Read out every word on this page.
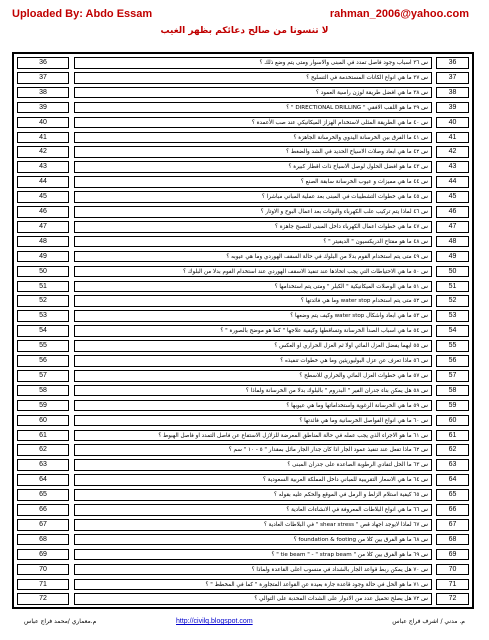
Uploaded By: Abdo Essam	rahman_2006@yahoo.com
لا تنسونا من صالح دعائكم بظهر الغيب
36	س ٣٦ اسباب وجود فاصل تمدد في المبنى والاسوار ومتى يتم وضع ذلك ؟	36
37	س ٣٧ ما هي انواع الكانات المستخدمة في التسليح ؟	37
38	س ٣٨ ما هي افضل طريقة لوزن راسية العمود ؟	38
39	س ٣٩ ما هو اللقب الافقي " DIRECTIONAL DRILLING " ؟	39
40	س ٤٠ ما هي الطريقة المثلى لاستخدام الهزاز الميكانيكي عند صب الأعمدة ؟	40
41	س ٤١ ما الفرق بين الخرسانة اليدوي والخرسانة الجاهزة ؟	41
42	س ٤٢ ما هي ابعاد وصلات الاسياخ الحديد في الشد والضغط ؟	42
43	س ٤٣ ما هو افضل الحلول لوصل الاسياخ ذات اقطار كبيرة ؟	43
44	س ٤٤ ما هي مميزات و عيوب الخرسانة سابقة الصنع ؟	44
45	س ٤٥ ما هي خطوات التشطيبات في المبنى بعد عملية المباني مباشرا ؟	45
46	س ٤٦ لماذا يتم تركيب علب الكهرباء والبوتات بعد اعمال البوح و الاوتار ؟	46
47	س ٤٧ ما هي خطوات اعمال الكهرباء داخل المبنى للتصبح جاهزة ؟	47
48	س ٤٨ ما هو مفتاح الدريكسيون " الديفيتر " ؟	48
49	س ٤٩ متى يتم استخدام القوم بدلا من البلوك في حالة السقف الهوردي وما هي عيوبه ؟	49
50	س ٥٠ ما هي الاحتياطات التي يجب اتخاذها عند تنفيذ الاسقف الهوردي عند استخدام الفوم بدلا من البلوك ؟	50
51	س ٥١ ما هي الوصلات الميكانيكية " الكبلر " ومتى يتم استخدامها ؟	51
52	س ٥٢ متى يتم استخدام water stop وما هي فائدتها ؟	52
53	س ٥٣ ما هي ابعاد واشكال water stop وكيف يتم وضعها ؟	53
54	س ٥٤ ما هي اسباب الصدأ الخرسانة وتساقطها وكيفية علاجها " كما هو موضح بالصورة " ؟	54
55	س ٥٥ ايهما يفضل العزل المائي اولا ثم العزل الحراري او العكس ؟	55
56	س ٥٦ ماذا تعرف عن عزل البوليوريثين وما هي خطوات تنفيذه ؟	56
57	س ٥٧ ما هي خطوات العزل المائي والحراري للاسطح ؟	57
58	س ٥٨ هل يمكن بناء جدران الفير " البدروم " بالبلوك بدلا من الخرسانة ولماذا ؟	58
59	س ٥٩ ما هي الخرسانة الرغوية واستخداماتها وما هي عيوبها ؟	59
60	س ٦٠ ما هي انواع الفواصل الخرسانية وما هي فائدتها ؟	60
61	س ٦١ ما هو الاجراء الذي يجب عمله في حالة المناطق المعرضة للزلازل الاستفاع عن فاصل التمدد او فاصل الهبوط ؟	61
62	س ٦٢ ماذا تفعل عند تنفيذ عمود الجار اذا كان جدار الجار مائل بمقدار " ٥ - ١٠ " سم ؟	62
63	س ٦٣ ما الحل لتفادي الرطوبة الصاعدة على جدران المبنى ؟	63
64	س ٦٤ ما هي الاسعار التقريبية للمباني داخل المملكة العربية السعودية ؟	64
65	س ٦٥ كيفية استلام الزلط و الرمل في الموقع والحكم عليه بقوله ؟	65
66	س ٦٦ ما هي انواع البلاطات المعروفة في الانشاءات العادية ؟	66
67	س ٦٧ لماذا لايوجد اجهاد قص " shear stress " في البلاطات العادية ؟	67
68	س ٦٨ ما هو الفرق بين كلا من foundation & footing ؟	68
69	س ٦٩ ما هو الفرق بين كلا من " tie beam " - " strap beam " ؟	69
70	س ٧٠ هل يمكن ربط قواعد الجار بالشداد في منسوب اعلى القاعدة ولماذا ؟	70
71	س ٧١ ما هو الحل في حالة وجود قاعدة جارة بعيدة عن القواعد المتجاورة " كما في المخطط " ؟	71
72	س ٧٢ هل يصلح تحميل عدد من الادوار على الشدات المحدبة على التوالي ؟	72
م.معماري /محمد فراج عباس	http://civilq.blogspot.com	م. مدني / اشرف فراج عباس
